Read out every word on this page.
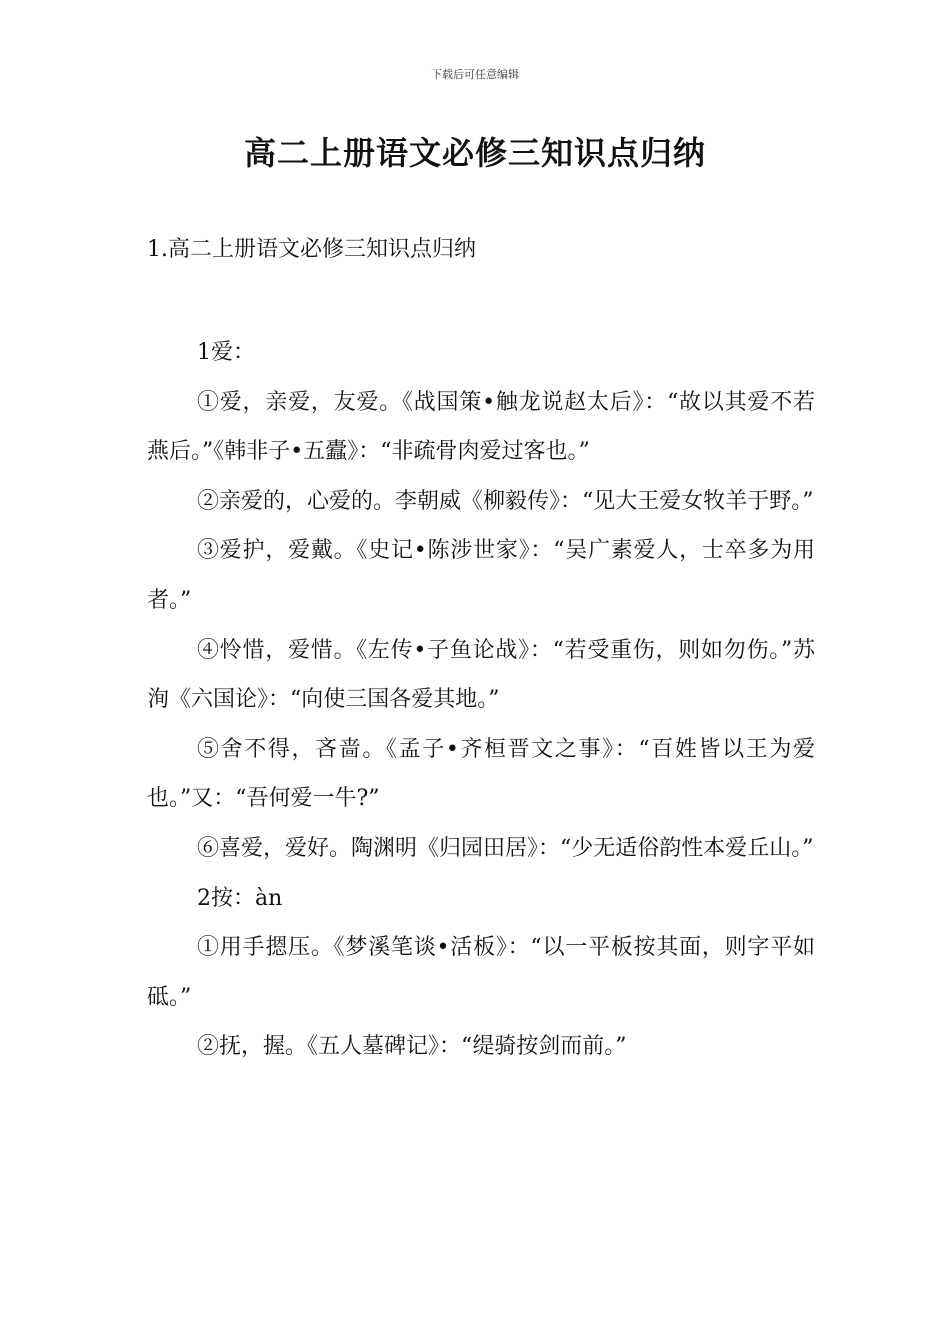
下载后可任意编辑
高二上册语文必修三知识点归纳
1.高二上册语文必修三知识点归纳

1爱：

①爱，亲爱，友爱。《战国策•触龙说赵太后》：“故以其爱不若燕后。”《韩非子•五蠹》：“非疏骨肉爱过客也。”

②亲爱的，心爱的。李朝威《柳毅传》：“见大王爱女牧羊于野。”

③爱护，爱戴。《史记•陈涉世家》：“吴广素爱人，士卒多为用者。”

④怜惜，爱惜。《左传•子鱼论战》：“若受重伤，则如勿伤。”苏洵《六国论》：“向使三国各爱其地。”

⑤舍不得，吝啬。《孟子•齐桓晋文之事》：“百姓皆以王为爱也。”又：“吾何爱一牛?”

⑥喜爱，爱好。陶渊明《归园田居》：“少无适俗韵性本爱丘山。”

2按：àn

①用手摁压。《梦溪笔谈•活板》：“以一平板按其面，则字平如砥。”

②抚，握。《五人墓碑记》：“缇骑按剑而前。”
